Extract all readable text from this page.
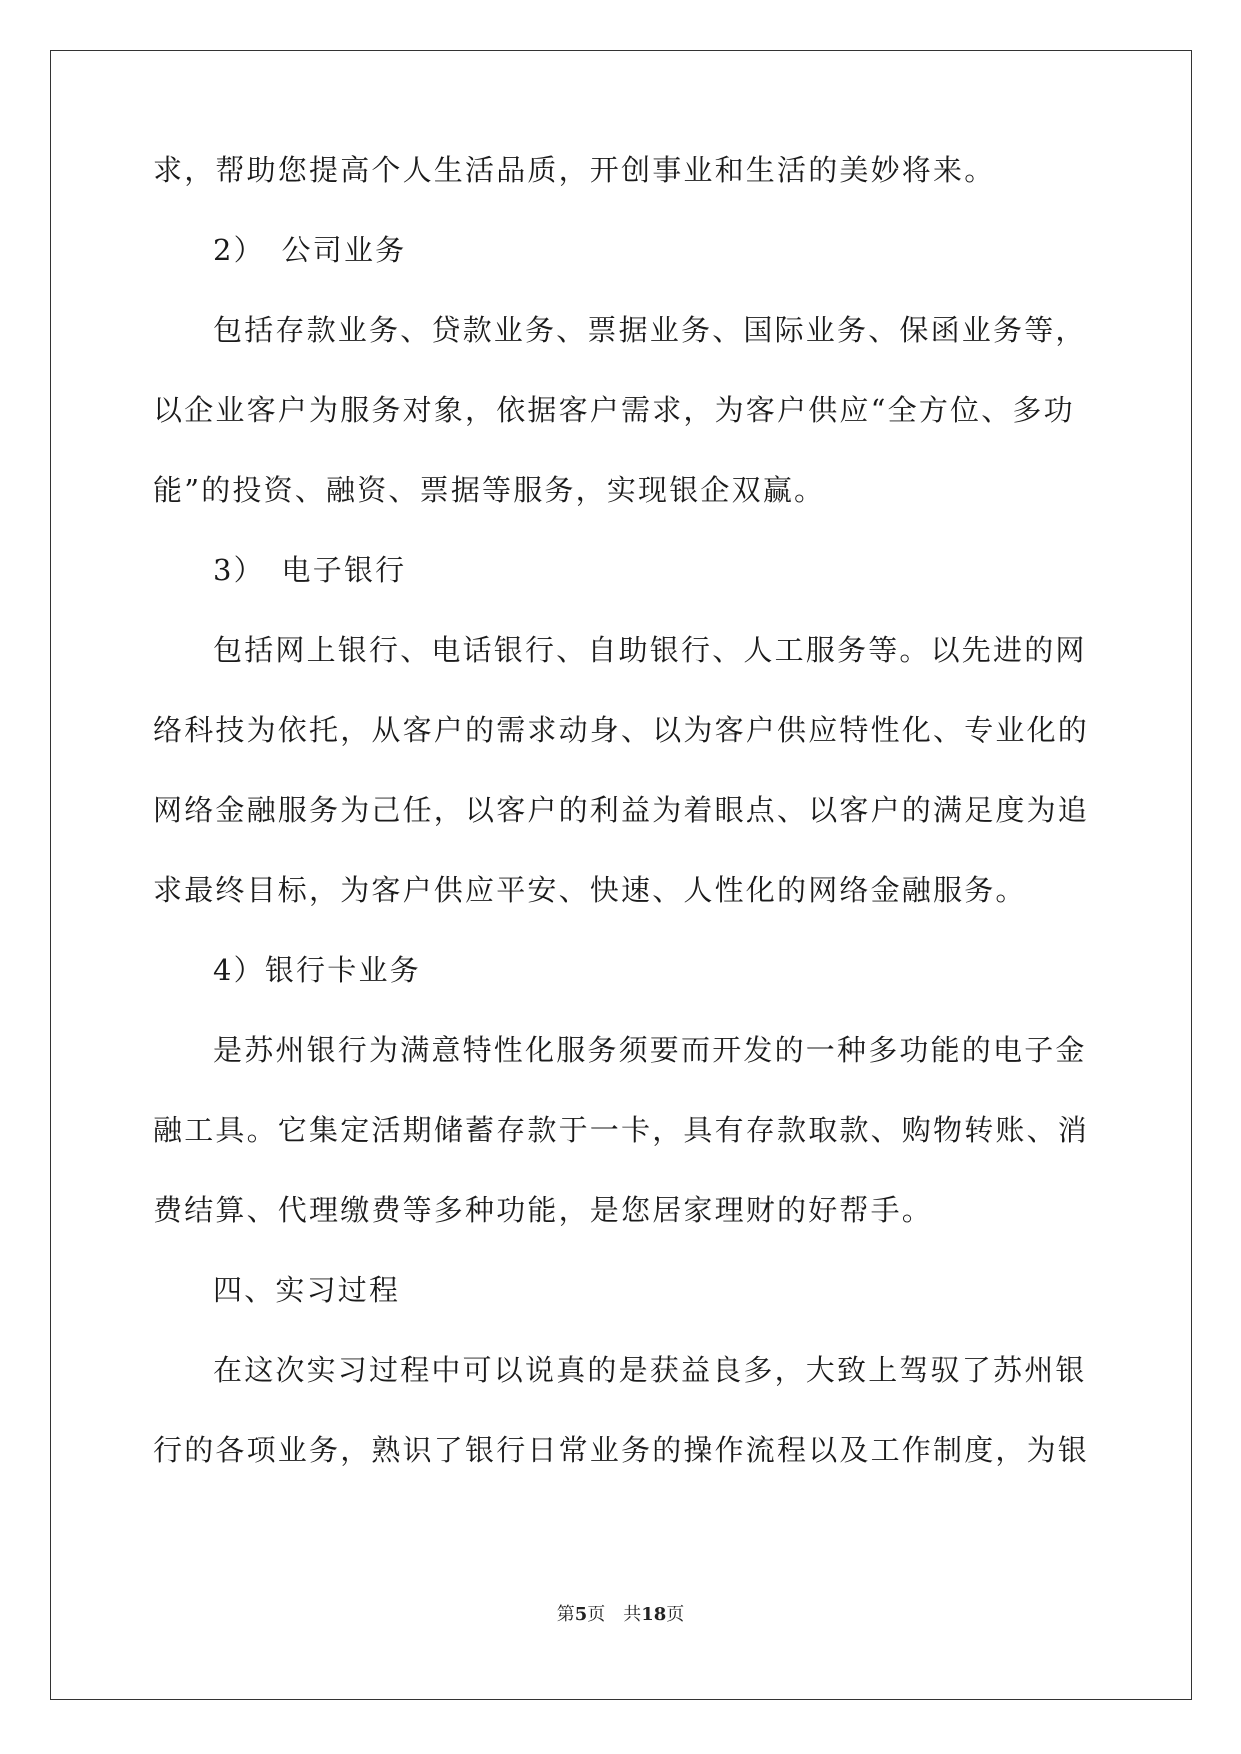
求，帮助您提高个人生活品质，开创事业和生活的美妙将来。

2）　公司业务

包括存款业务、贷款业务、票据业务、国际业务、保函业务等，

以企业客户为服务对象，依据客户需求，为客户供应“全方位、多功

能”的投资、融资、票据等服务，实现银企双赢。

3）　电子银行

包括网上银行、电话银行、自助银行、人工服务等。以先进的网

络科技为依托，从客户的需求动身、以为客户供应特性化、专业化的

网络金融服务为己任，以客户的利益为着眼点、以客户的满足度为追

求最终目标，为客户供应平安、快速、人性化的网络金融服务。

4）银行卡业务

是苏州银行为满意特性化服务须要而开发的一种多功能的电子金

融工具。它集定活期储蓄存款于一卡，具有存款取款、购物转账、消

费结算、代理缴费等多种功能，是您居家理财的好帮手。

四、实习过程

在这次实习过程中可以说真的是获益良多，大致上驾驭了苏州银

行的各项业务，熟识了银行日常业务的操作流程以及工作制度，为银

第5页　共18页
